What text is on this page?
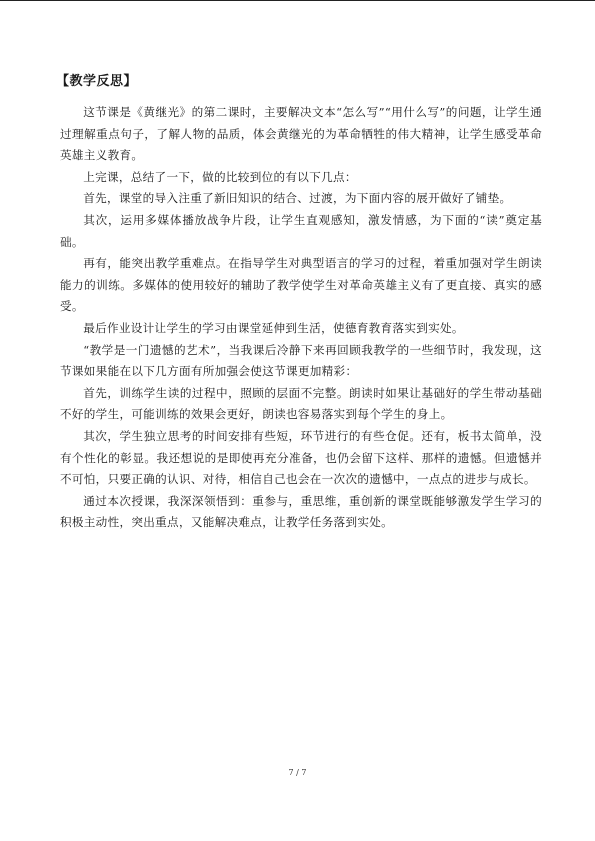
【教学反思】

这节课是《黄继光》的第二课时，主要解决文本“怎么写”“用什么写”的问题，让学生通过理解重点句子，了解人物的品质，体会黄继光的为革命牺牲的伟大精神，让学生感受革命英雄主义教育。

上完课，总结了一下，做的比较到位的有以下几点：

首先，课堂的导入注重了新旧知识的结合、过渡，为下面内容的展开做好了铺垫。

其次，运用多媒体播放战争片段，让学生直观感知，激发情感，为下面的“读”奠定基础。

再有，能突出教学重难点。在指导学生对典型语言的学习的过程，着重加强对学生朗读能力的训练。多媒体的使用较好的辅助了教学使学生对革命英雄主义有了更直接、真实的感受。

最后作业设计让学生的学习由课堂延伸到生活，使德育教育落实到实处。

“教学是一门遗憾的艺术”，当我课后冷静下来再回顾我教学的一些细节时，我发现，这节课如果能在以下几方面有所加强会使这节课更加精彩：

首先，训练学生读的过程中，照顾的层面不完整。朗读时如果让基础好的学生带动基础不好的学生，可能训练的效果会更好，朗读也容易落实到每个学生的身上。

其次，学生独立思考的时间安排有些短，环节进行的有些仓促。还有，板书太简单，没有个性化的彰显。我还想说的是即使再充分准备，也仍会留下这样、那样的遗憾。但遗憾并不可怕，只要正确的认识、对待，相信自己也会在一次次的遗憾中，一点点的进步与成长。

通过本次授课，我深深领悟到：重参与，重思维，重创新的课堂既能够激发学生学习的积极主动性，突出重点，又能解决难点，让教学任务落到实处。

7 / 7
